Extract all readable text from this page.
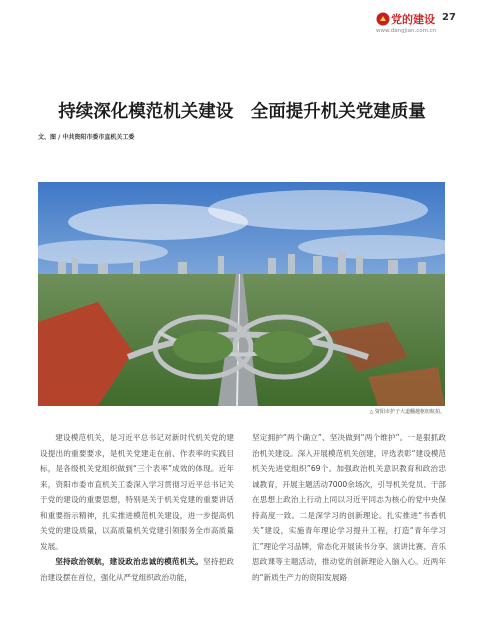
党的建设
www.dangjian.com.cn
27
持续深化模范机关建设　全面提升机关党建质量
文、图 / 中共资阳市委市直机关工委
△ 资阳市护子大道翻越枢纽航拍。

建设模范机关，是习近平总书记对新时代机关党的建设提出的重要要求，是机关党建走在前、作表率的实践目标，是各级机关党组织做到“三个表率”成效的体现。近年来，资阳市委市直机关工委深入学习贯彻习近平总书记关于党的建设的重要思想，特别是关于机关党建的重要讲话和重要指示精神，扎实推进模范机关建设，进一步提高机关党的建设质量，以高质量机关党建引领服务全市高质量发展。

坚持政治领航，建设政治忠诚的模范机关。坚持把政治建设摆在首位，强化从严党组织政治功能，

坚定拥护“两个确立”、坚决做到“两个维护”。一是狠抓政治机关建设。深入开展模范机关创建，评选表彰“建设模范机关先进党组织”69个。加强政治机关意识教育和政治忠诚教育，开展主题活动7000余场次，引导机关党员、干部在思想上政治上行动上同以习近平同志为核心的党中央保持高度一致。二是深学习的创新理论。扎实推进“书香机关”建设，实施青年理论学习提升工程，打造“青年学习汇”理论学习品牌，常态化开展读书分享、演讲比赛、音乐思政课等主题活动，推动党的创新理论入脑入心。近两年的“新质生产力的资阳发展路
